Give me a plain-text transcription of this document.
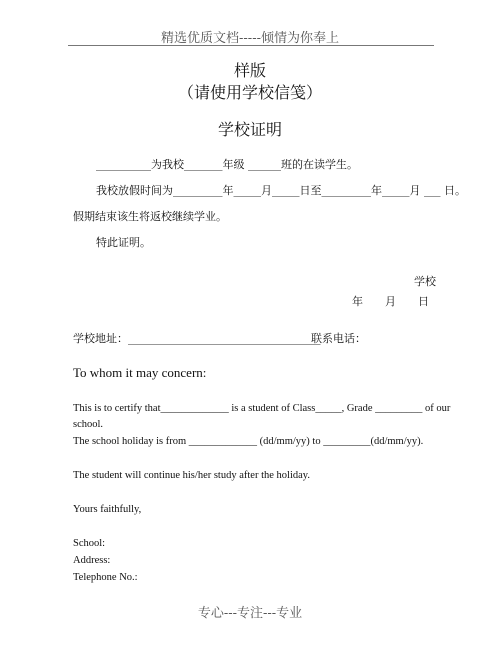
精选优质文档-----倾情为你奉上
样版
（请使用学校信笺）
学校证明
__________为我校_______年级 ______班的在读学生。
我校放假时间为_________年_____月_____日至_________年_____月 ___ 日。
假期结束该生将返校继续学业。
特此证明。
学校
年　　月　　日
学校地址：___________________________________
联系电话：
To whom it may concern:
This is to certify that_____________ is a student of Class_____, Grade _________ of our
school.
The school holiday is from _____________ (dd/mm/yy) to _________(dd/mm/yy).
The student will continue his/her study after the holiday.
Yours faithfully,
School:
Address:
Telephone No.:
专心---专注---专业
